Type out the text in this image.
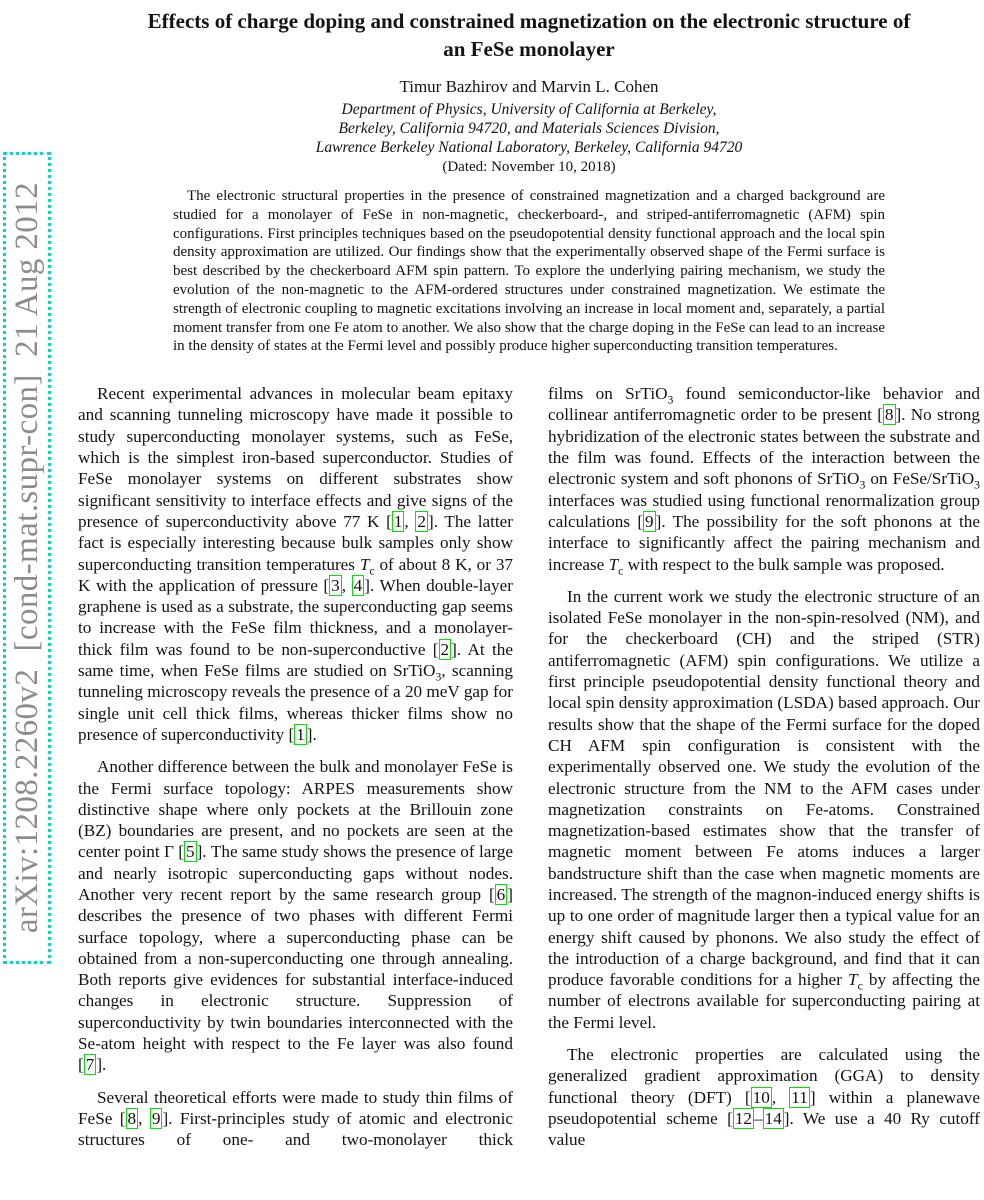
arXiv:1208.2260v2  [cond-mat.supr-con]  21 Aug 2012
Effects of charge doping and constrained magnetization on the electronic structure of
an FeSe monolayer
Timur Bazhirov and Marvin L. Cohen
Department of Physics, University of California at Berkeley,
Berkeley, California 94720, and Materials Sciences Division,
Lawrence Berkeley National Laboratory, Berkeley, California 94720
(Dated: November 10, 2018)

The electronic structural properties in the presence of constrained magnetization and a charged background are studied for a monolayer of FeSe in non-magnetic, checkerboard-, and striped-antiferromagnetic (AFM) spin configurations. First principles techniques based on the pseudopotential density functional approach and the local spin density approximation are utilized. Our findings show that the experimentally observed shape of the Fermi surface is best described by the checkerboard AFM spin pattern. To explore the underlying pairing mechanism, we study the evolution of the non-magnetic to the AFM-ordered structures under constrained magnetization. We estimate the strength of electronic coupling to magnetic excitations involving an increase in local moment and, separately, a partial moment transfer from one Fe atom to another. We also show that the charge doping in the FeSe can lead to an increase in the density of states at the Fermi level and possibly produce higher superconducting transition temperatures.

Recent experimental advances in molecular beam epitaxy and scanning tunneling microscopy have made it possible to study superconducting monolayer systems, such as FeSe, which is the simplest iron-based superconductor. Studies of FeSe monolayer systems on different substrates show significant sensitivity to interface effects and give signs of the presence of superconductivity above 77 K [ 1 , 2 ]. The latter fact is especially interesting because bulk samples only show superconducting transition temperatures $T_c$ of about 8 K, or 37 K with the application of pressure [ 3 , 4 ]. When double-layer graphene is used as a substrate, the superconducting gap seems to increase with the FeSe film thickness, and a monolayer-thick film was found to be non-superconductive [ 2 ]. At the same time, when FeSe films are studied on SrTiO$_3$, scanning tunneling microscopy reveals the presence of a 20 meV gap for single unit cell thick films, whereas thicker films show no presence of superconductivity [ 1 ].

Another difference between the bulk and monolayer FeSe is the Fermi surface topology: ARPES measurements show distinctive shape where only pockets at the Brillouin zone (BZ) boundaries are present, and no pockets are seen at the center point Γ [ 5 ]. The same study shows the presence of large and nearly isotropic superconducting gaps without nodes. Another very recent report by the same research group [ 6 ] describes the presence of two phases with different Fermi surface topology, where a superconducting phase can be obtained from a non-superconducting one through annealing. Both reports give evidences for substantial interface-induced changes in electronic structure. Suppression of superconductivity by twin boundaries interconnected with the Se-atom height with respect to the Fe layer was also found [ 7 ].

Several theoretical efforts were made to study thin films of FeSe [ 8 , 9 ]. First-principles study of atomic and electronic structures of one- and two-monolayer thick

films on SrTiO$_3$ found semiconductor-like behavior and collinear antiferromagnetic order to be present [ 8 ]. No strong hybridization of the electronic states between the substrate and the film was found. Effects of the interaction between the electronic system and soft phonons of SrTiO$_3$ on FeSe/SrTiO$_3$ interfaces was studied using functional renormalization group calculations [ 9 ]. The possibility for the soft phonons at the interface to significantly affect the pairing mechanism and increase $T_c$ with respect to the bulk sample was proposed.

In the current work we study the electronic structure of an isolated FeSe monolayer in the non-spin-resolved (NM), and for the checkerboard (CH) and the striped (STR) antiferromagnetic (AFM) spin configurations. We utilize a first principle pseudopotential density functional theory and local spin density approximation (LSDA) based approach. Our results show that the shape of the Fermi surface for the doped CH AFM spin configuration is consistent with the experimentally observed one. We study the evolution of the electronic structure from the NM to the AFM cases under magnetization constraints on Fe-atoms. Constrained magnetization-based estimates show that the transfer of magnetic moment between Fe atoms induces a larger bandstructure shift than the case when magnetic moments are increased. The strength of the magnon-induced energy shifts is up to one order of magnitude larger then a typical value for an energy shift caused by phonons. We also study the effect of the introduction of a charge background, and find that it can produce favorable conditions for a higher $T_c$ by affecting the number of electrons available for superconducting pairing at the Fermi level.

The electronic properties are calculated using the generalized gradient approximation (GGA) to density functional theory (DFT) [ 10 , 11 ] within a planewave pseudopotential scheme [ 12 – 14 ]. We use a 40 Ry cutoff value
